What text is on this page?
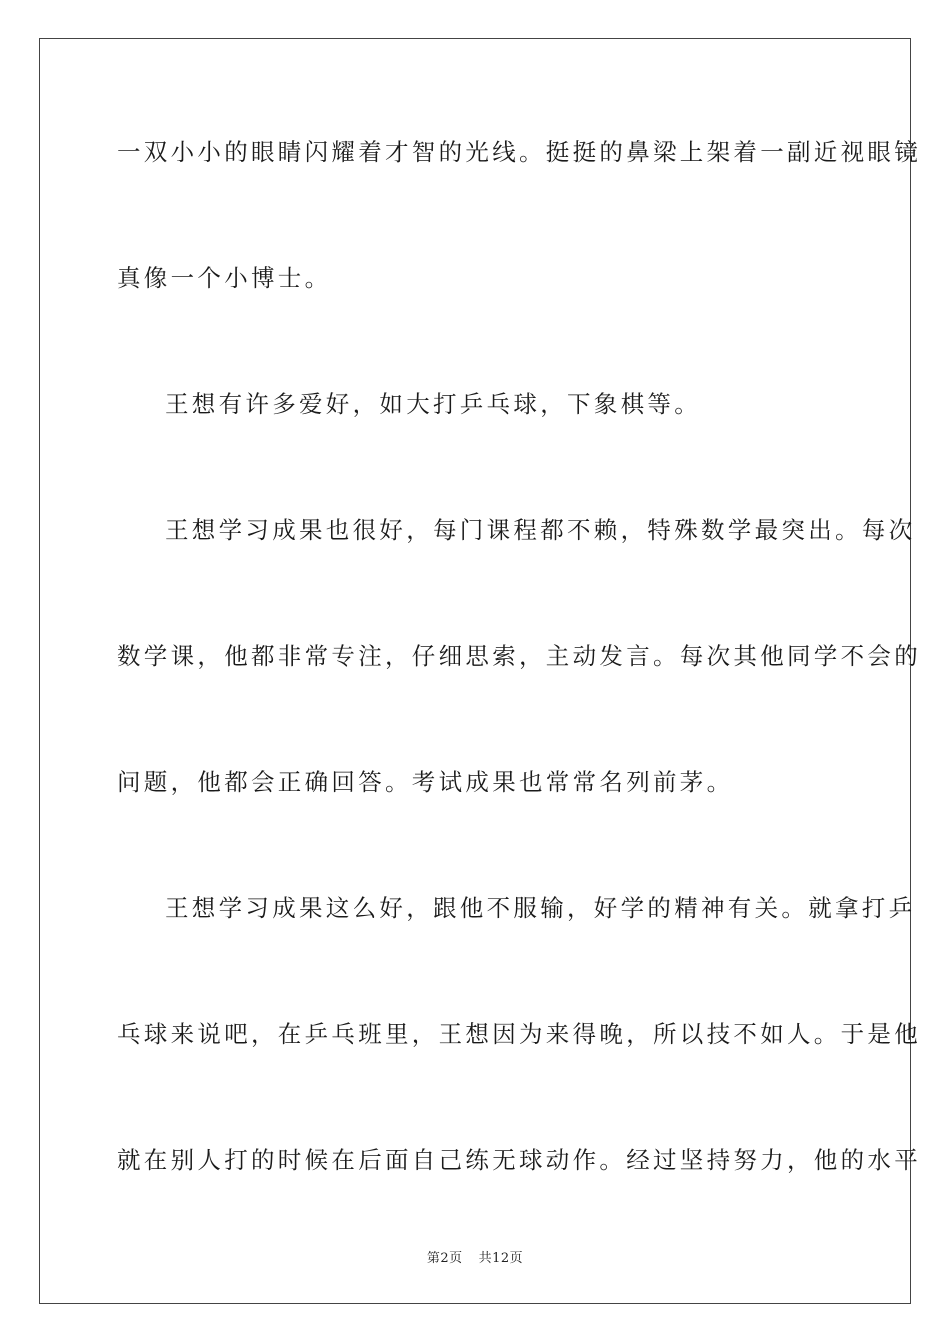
一双小小的眼睛闪耀着才智的光线。挺挺的鼻梁上架着一副近视眼镜
真像一个小博士。
王想有许多爱好，如大打乒乓球，下象棋等。
王想学习成果也很好，每门课程都不赖，特殊数学最突出。每次
数学课，他都非常专注，仔细思索，主动发言。每次其他同学不会的
问题，他都会正确回答。考试成果也常常名列前茅。
王想学习成果这么好，跟他不服输，好学的精神有关。就拿打乒
乓球来说吧，在乒乓班里，王想因为来得晚，所以技不如人。于是他
就在别人打的时候在后面自己练无球动作。经过坚持努力，他的水平
第2页 共12页
